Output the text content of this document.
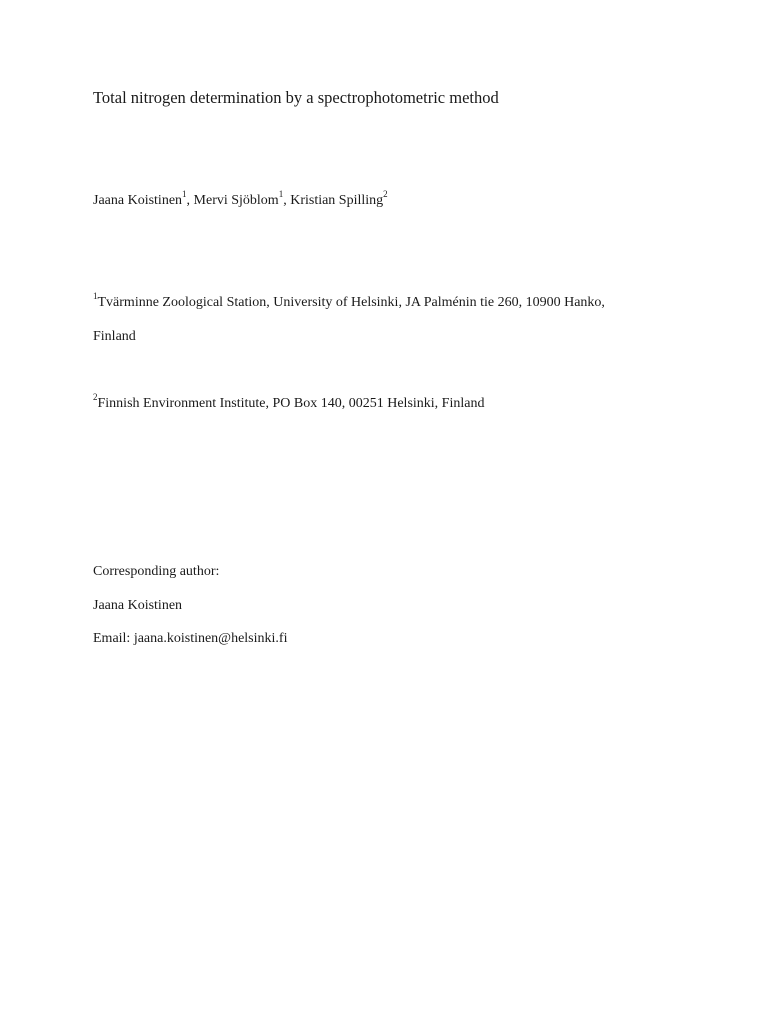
Total nitrogen determination by a spectrophotometric method
Jaana Koistinen$^1$, Mervi Sjöblom$^1$, Kristian Spilling$^2$
$^1$Tvärminne Zoological Station, University of Helsinki, JA Palménin tie 260, 10900 Hanko,
Finland
$^2$Finnish Environment Institute, PO Box 140, 00251 Helsinki, Finland
Corresponding author:
Jaana Koistinen
Email: jaana.koistinen@helsinki.fi
